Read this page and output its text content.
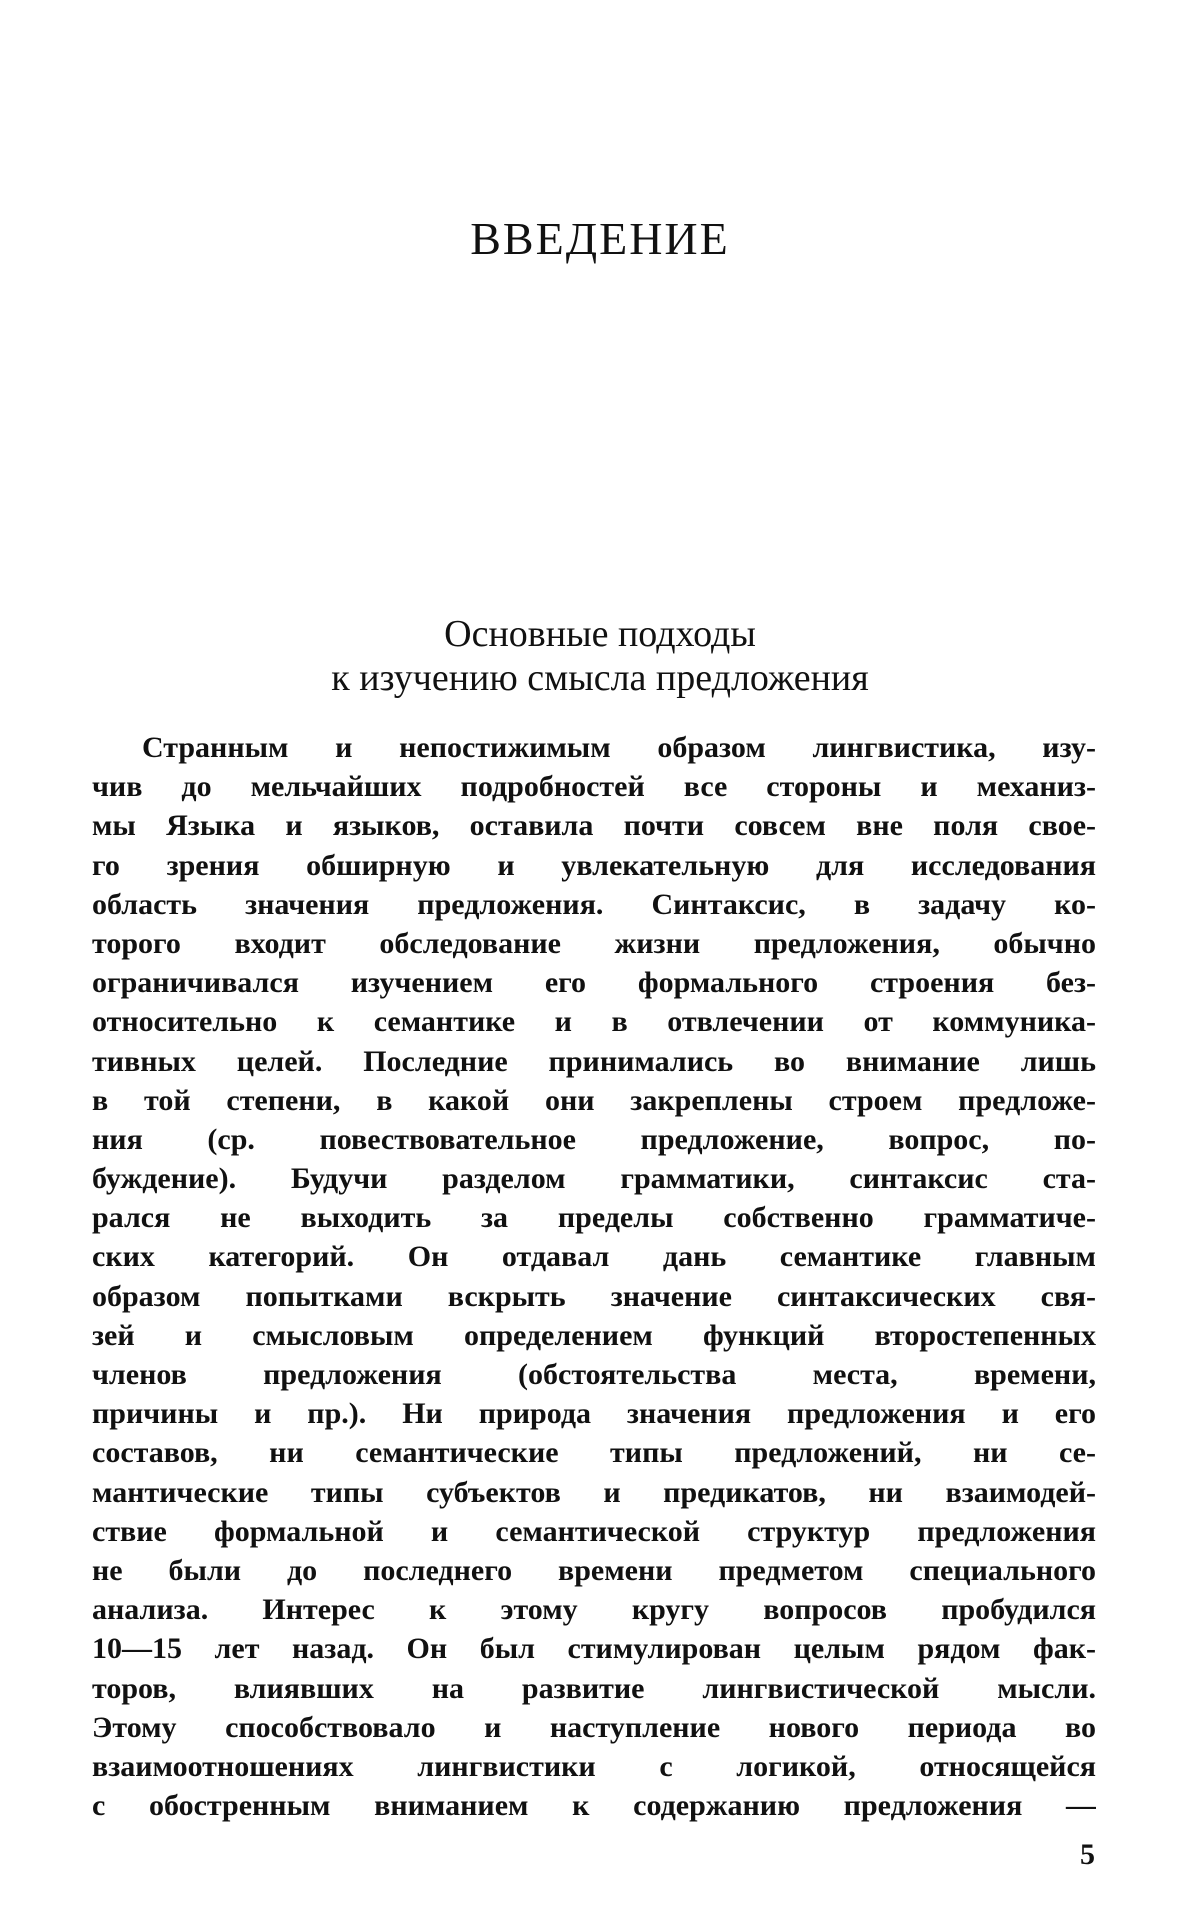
ВВЕДЕНИЕ
Основные подходы
к изучению смысла предложения
Странным и непостижимым образом лингвистика, изу-
чив до мельчайших подробностей все стороны и механиз-
мы Языка и языков, оставила почти совсем вне поля свое-
го зрения обширную и увлекательную для исследования
область значения предложения. Синтаксис, в задачу ко-
торого входит обследование жизни предложения, обычно
ограничивался изучением его формального строения без-
относительно к семантике и в отвлечении от коммуника-
тивных целей. Последние принимались во внимание лишь
в той степени, в какой они закреплены строем предложе-
ния (ср. повествовательное предложение, вопрос, по-
буждение). Будучи разделом грамматики, синтаксис ста-
рался не выходить за пределы собственно грамматиче-
ских категорий. Он отдавал дань семантике главным
образом попытками вскрыть значение синтаксических свя-
зей и смысловым определением функций второстепенных
членов предложения (обстоятельства места, времени,
причины и пр.). Ни природа значения предложения и его
составов, ни семантические типы предложений, ни се-
мантические типы субъектов и предикатов, ни взаимодей-
ствие формальной и семантической структур предложения
не были до последнего времени предметом специального
анализа. Интерес к этому кругу вопросов пробудился
10—15 лет назад. Он был стимулирован целым рядом фак-
торов, влиявших на развитие лингвистической мысли.
Этому способствовало и наступление нового периода во
взаимоотношениях лингвистики с логикой, относящейся
с обостренным вниманием к содержанию предложения —
5
